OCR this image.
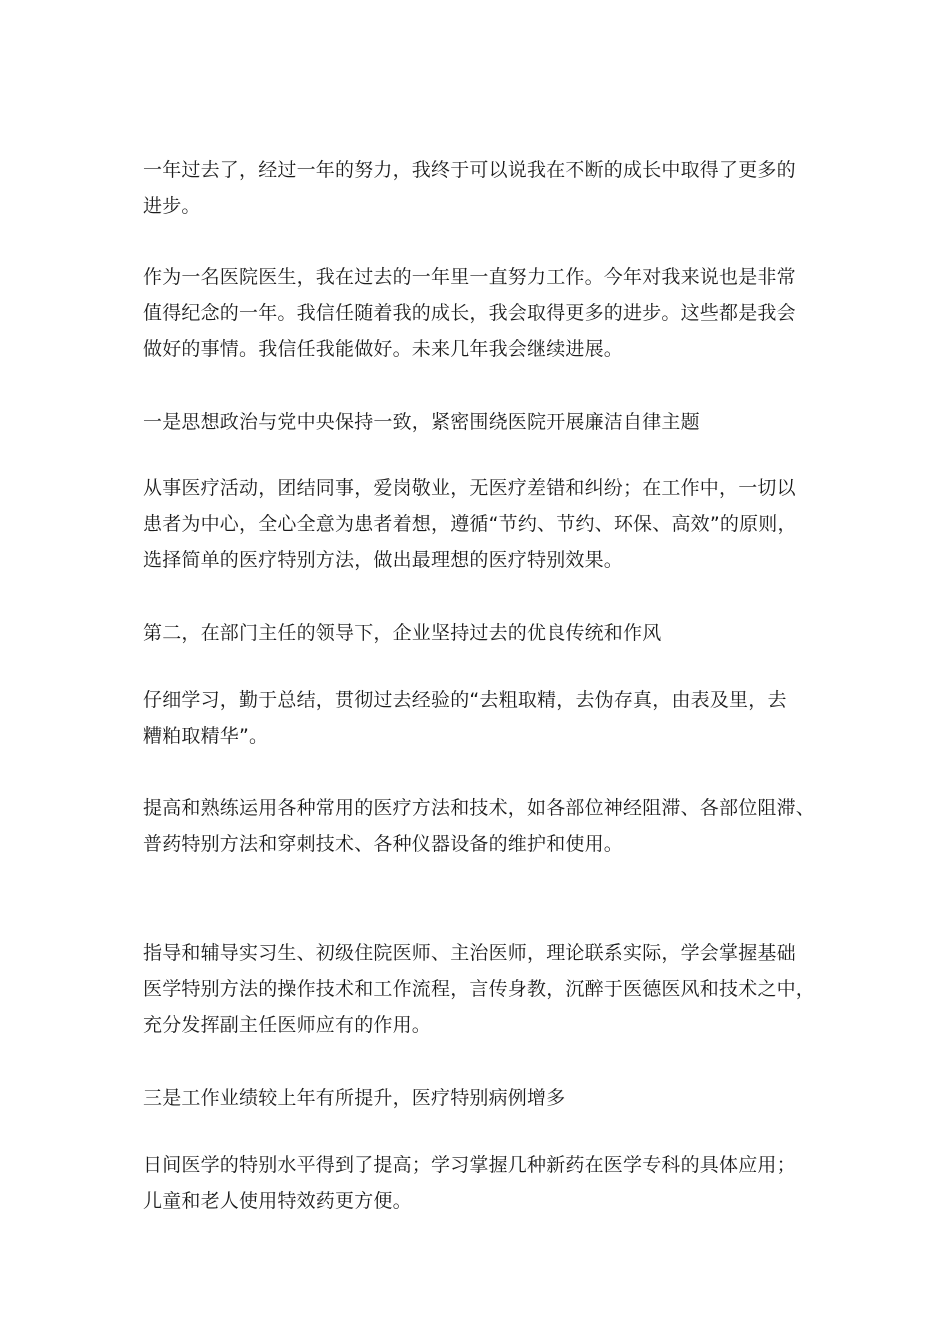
一年过去了，经过一年的努力，我终于可以说我在不断的成长中取得了更多的
进步。

作为一名医院医生，我在过去的一年里一直努力工作。今年对我来说也是非常
值得纪念的一年。我信任随着我的成长，我会取得更多的进步。这些都是我会
做好的事情。我信任我能做好。未来几年我会继续进展。

一是思想政治与党中央保持一致，紧密围绕医院开展廉洁自律主题

从事医疗活动，团结同事，爱岗敬业，无医疗差错和纠纷；在工作中，一切以
患者为中心，全心全意为患者着想，遵循“节约、节约、环保、高效”的原则，
选择简单的医疗特别方法，做出最理想的医疗特别效果。

第二，在部门主任的领导下，企业坚持过去的优良传统和作风

仔细学习，勤于总结，贯彻过去经验的“去粗取精，去伪存真，由表及里，去
糟粕取精华”。

提高和熟练运用各种常用的医疗方法和技术，如各部位神经阻滞、各部位阻滞、
普药特别方法和穿刺技术、各种仪器设备的维护和使用。

指导和辅导实习生、初级住院医师、主治医师，理论联系实际，学会掌握基础
医学特别方法的操作技术和工作流程，言传身教，沉醉于医德医风和技术之中，
充分发挥副主任医师应有的作用。

三是工作业绩较上年有所提升，医疗特别病例增多

日间医学的特别水平得到了提高；学习掌握几种新药在医学专科的具体应用；
儿童和老人使用特效药更方便。
